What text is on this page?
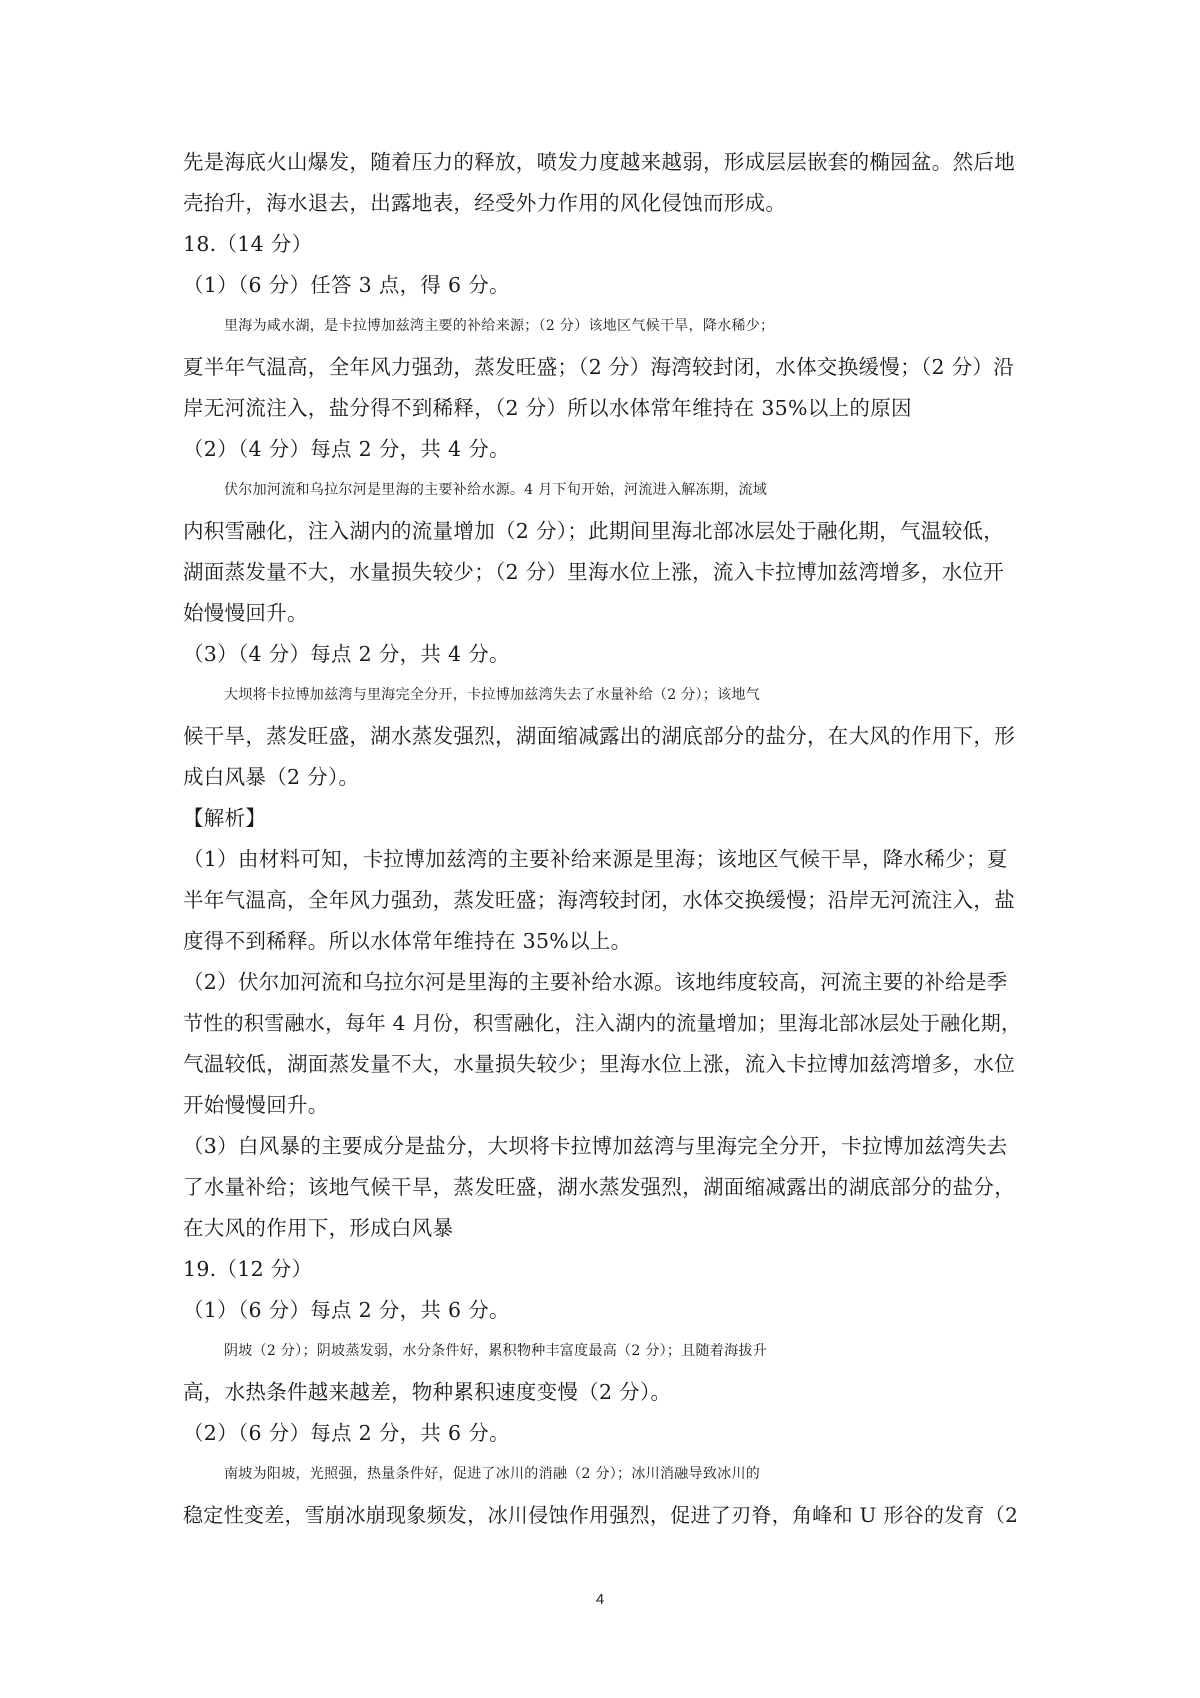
先是海底火山爆发，随着压力的释放，喷发力度越来越弱，形成层层嵌套的椭园盆。然后地

壳抬升，海水退去，出露地表，经受外力作用的风化侵蚀而形成。

18.（14 分）

（1）（6 分）任答 3 点，得 6 分。

里海为咸水湖，是卡拉博加兹湾主要的补给来源；（2 分）该地区气候干旱，降水稀少；

夏半年气温高，全年风力强劲，蒸发旺盛；（2 分）海湾较封闭，水体交换缓慢；（2 分）沿

岸无河流注入，盐分得不到稀释，（2 分）所以水体常年维持在 35%以上的原因

（2）（4 分）每点 2 分，共 4 分。

伏尔加河流和乌拉尔河是里海的主要补给水源。4 月下旬开始，河流进入解冻期，流域

内积雪融化，注入湖内的流量增加（2 分）；此期间里海北部冰层处于融化期，气温较低，

湖面蒸发量不大，水量损失较少；（2 分）里海水位上涨，流入卡拉博加兹湾增多，水位开

始慢慢回升。

（3）（4 分）每点 2 分，共 4 分。

大坝将卡拉博加兹湾与里海完全分开，卡拉博加兹湾失去了水量补给（2 分）；该地气

候干旱，蒸发旺盛，湖水蒸发强烈，湖面缩减露出的湖底部分的盐分，在大风的作用下，形

成白风暴（2 分）。

【解析】

（1）由材料可知，卡拉博加兹湾的主要补给来源是里海；该地区气候干旱，降水稀少；夏

半年气温高，全年风力强劲，蒸发旺盛；海湾较封闭，水体交换缓慢；沿岸无河流注入，盐

度得不到稀释。所以水体常年维持在 35%以上。

（2）伏尔加河流和乌拉尔河是里海的主要补给水源。该地纬度较高，河流主要的补给是季

节性的积雪融水，每年 4 月份，积雪融化，注入湖内的流量增加；里海北部冰层处于融化期，

气温较低，湖面蒸发量不大，水量损失较少；里海水位上涨，流入卡拉博加兹湾增多，水位

开始慢慢回升。

（3）白风暴的主要成分是盐分，大坝将卡拉博加兹湾与里海完全分开，卡拉博加兹湾失去

了水量补给；该地气候干旱，蒸发旺盛，湖水蒸发强烈，湖面缩减露出的湖底部分的盐分，

在大风的作用下，形成白风暴

19.（12 分）

（1）（6 分）每点 2 分，共 6 分。

阴坡（2 分）；阴坡蒸发弱，水分条件好，累积物种丰富度最高（2 分）；且随着海拔升

高，水热条件越来越差，物种累积速度变慢（2 分）。

（2）（6 分）每点 2 分，共 6 分。

南坡为阳坡，光照强，热量条件好，促进了冰川的消融（2 分）；冰川消融导致冰川的

稳定性变差，雪崩冰崩现象频发，冰川侵蚀作用强烈，促进了刃脊，角峰和 U 形谷的发育（2

4
